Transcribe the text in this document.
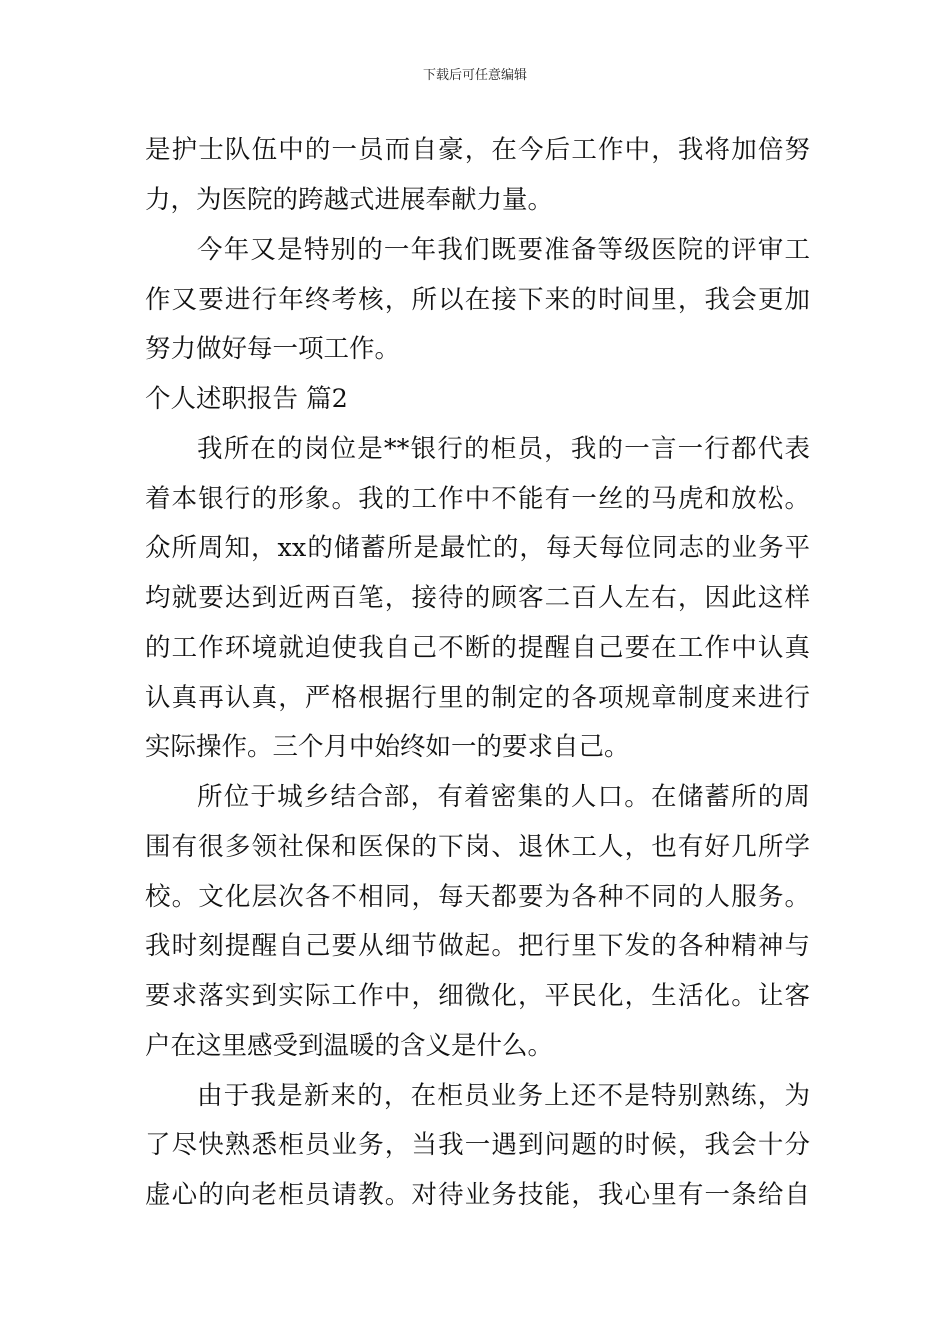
下载后可任意编辑
是护士队伍中的一员而自豪，在今后工作中，我将加倍努
力，为医院的跨越式进展奉献力量。
今年又是特别的一年我们既要准备等级医院的评审工
作又要进行年终考核，所以在接下来的时间里，我会更加
努力做好每一项工作。
个人述职报告 篇2
我所在的岗位是**银行的柜员，我的一言一行都代表
着本银行的形象。我的工作中不能有一丝的马虎和放松。
众所周知，xx的储蓄所是最忙的，每天每位同志的业务平
均就要达到近两百笔，接待的顾客二百人左右，因此这样
的工作环境就迫使我自己不断的提醒自己要在工作中认真
认真再认真，严格根据行里的制定的各项规章制度来进行
实际操作。三个月中始终如一的要求自己。
所位于城乡结合部，有着密集的人口。在储蓄所的周
围有很多领社保和医保的下岗、退休工人，也有好几所学
校。文化层次各不相同，每天都要为各种不同的人服务。
我时刻提醒自己要从细节做起。把行里下发的各种精神与
要求落实到实际工作中，细微化，平民化，生活化。让客
户在这里感受到温暖的含义是什么。
由于我是新来的，在柜员业务上还不是特别熟练，为
了尽快熟悉柜员业务，当我一遇到问题的时候，我会十分
虚心的向老柜员请教。对待业务技能，我心里有一条给自
